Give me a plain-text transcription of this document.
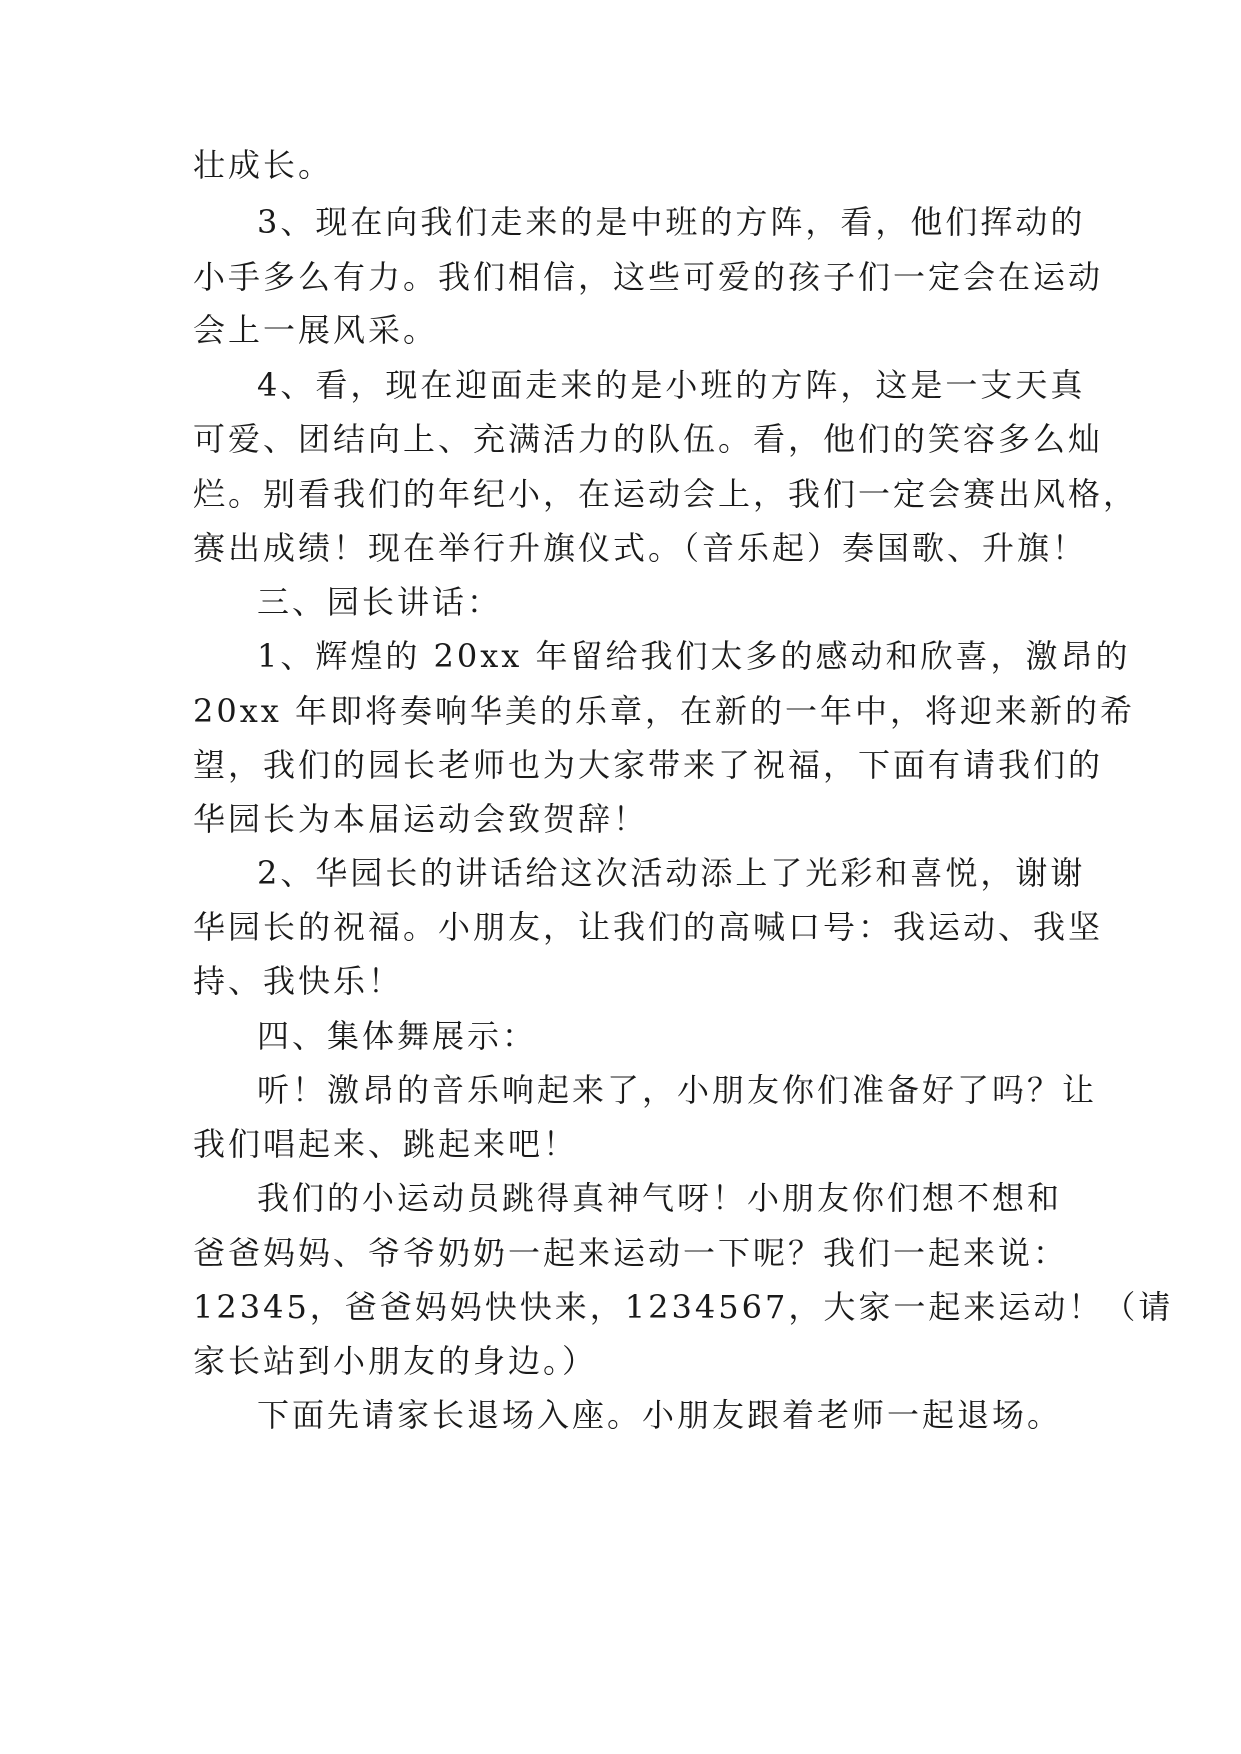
壮成长。
3、现在向我们走来的是中班的方阵，看，他们挥动的
小手多么有力。我们相信，这些可爱的孩子们一定会在运动
会上一展风采。
4、看，现在迎面走来的是小班的方阵，这是一支天真
可爱、团结向上、充满活力的队伍。看，他们的笑容多么灿
烂。别看我们的年纪小，在运动会上，我们一定会赛出风格，
赛出成绩！现在举行升旗仪式。（音乐起）奏国歌、升旗！
三、园长讲话：
1、辉煌的 20xx 年留给我们太多的感动和欣喜，激昂的
20xx 年即将奏响华美的乐章，在新的一年中，将迎来新的希
望，我们的园长老师也为大家带来了祝福，下面有请我们的
华园长为本届运动会致贺辞！
2、华园长的讲话给这次活动添上了光彩和喜悦，谢谢
华园长的祝福。小朋友，让我们的高喊口号：我运动、我坚
持、我快乐！
四、集体舞展示：
听！激昂的音乐响起来了，小朋友你们准备好了吗？让
我们唱起来、跳起来吧！
我们的小运动员跳得真神气呀！小朋友你们想不想和
爸爸妈妈、爷爷奶奶一起来运动一下呢？我们一起来说：
12345，爸爸妈妈快快来，1234567，大家一起来运动！（请
家长站到小朋友的身边。）
下面先请家长退场入座。小朋友跟着老师一起退场。
